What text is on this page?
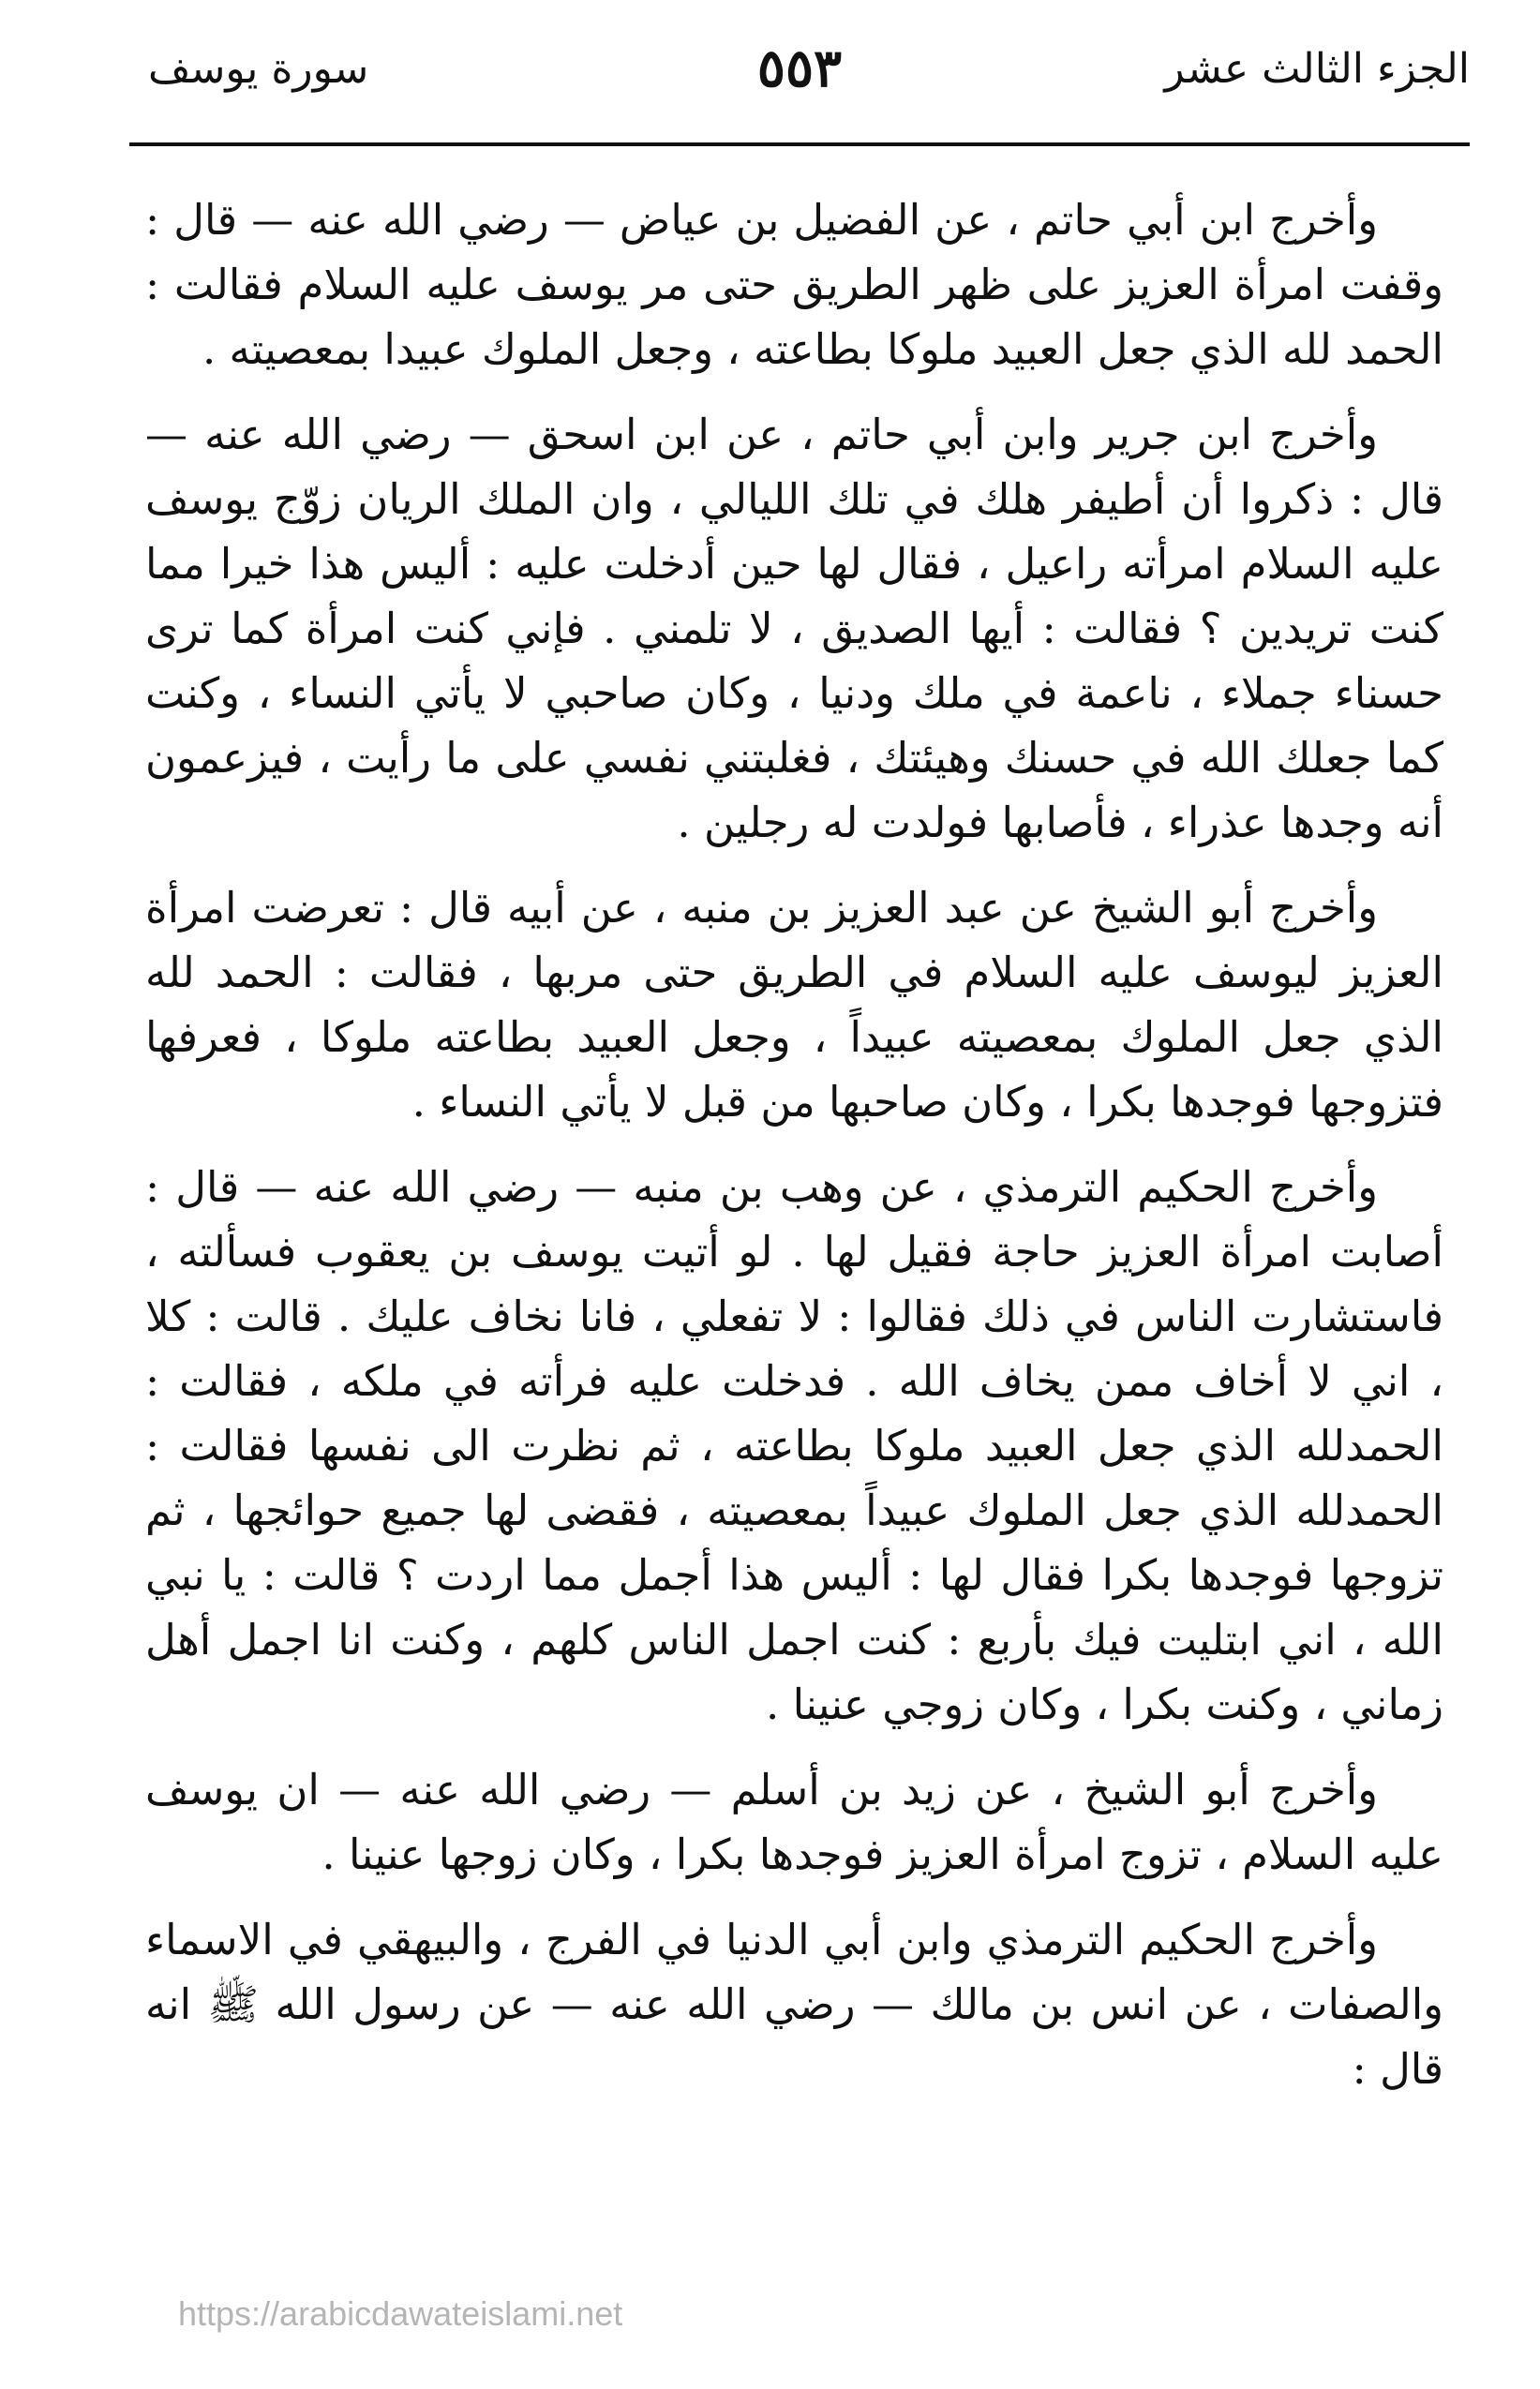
الجزء الثالث عشر
٥٥٣
سورة يوسف

وأخرج ابن أبي حاتم ، عن الفضيل بن عياض — رضي الله عنه — قال : وقفت امرأة العزيز على ظهر الطريق حتى مر يوسف عليه السلام فقالت : الحمد لله الذي جعل العبيد ملوكا بطاعته ، وجعل الملوك عبيدا بمعصيته .

وأخرج ابن جرير وابن أبي حاتم ، عن ابن اسحق — رضي الله عنه — قال : ذكروا أن أطيفر هلك في تلك الليالي ، وان الملك الريان زوّج يوسف عليه السلام امرأته راعيل ، فقال لها حين أدخلت عليه : أليس هذا خيرا مما كنت تريدين ؟ فقالت : أيها الصديق ، لا تلمني . فإني كنت امرأة كما ترى حسناء جملاء ، ناعمة في ملك ودنيا ، وكان صاحبي لا يأتي النساء ، وكنت كما جعلك الله في حسنك وهيئتك ، فغلبتني نفسي على ما رأيت ، فيزعمون أنه وجدها عذراء ، فأصابها فولدت له رجلين .

وأخرج أبو الشيخ عن عبد العزيز بن منبه ، عن أبيه قال : تعرضت امرأة العزيز ليوسف عليه السلام في الطريق حتى مربها ، فقالت : الحمد لله الذي جعل الملوك بمعصيته عبيداً ، وجعل العبيد بطاعته ملوكا ، فعرفها فتزوجها فوجدها بكرا ، وكان صاحبها من قبل لا يأتي النساء .

وأخرج الحكيم الترمذي ، عن وهب بن منبه — رضي الله عنه — قال : أصابت امرأة العزيز حاجة فقيل لها . لو أتيت يوسف بن يعقوب فسألته ، فاستشارت الناس في ذلك فقالوا : لا تفعلي ، فانا نخاف عليك . قالت : كلا ، اني لا أخاف ممن يخاف الله . فدخلت عليه فرأته في ملكه ، فقالت : الحمدلله الذي جعل العبيد ملوكا بطاعته ، ثم نظرت الى نفسها فقالت : الحمدلله الذي جعل الملوك عبيداً بمعصيته ، فقضى لها جميع حوائجها ، ثم تزوجها فوجدها بكرا فقال لها : أليس هذا أجمل مما اردت ؟ قالت : يا نبي الله ، اني ابتليت فيك بأربع : كنت اجمل الناس كلهم ، وكنت انا اجمل أهل زماني ، وكنت بكرا ، وكان زوجي عنينا .

وأخرج أبو الشيخ ، عن زيد بن أسلم — رضي الله عنه — ان يوسف عليه السلام ، تزوج امرأة العزيز فوجدها بكرا ، وكان زوجها عنينا .

وأخرج الحكيم الترمذي وابن أبي الدنيا في الفرج ، والبيهقي في الاسماء والصفات ، عن انس بن مالك — رضي الله عنه — عن رسول الله ﷺ انه قال :

https://arabicdawateislami.net
